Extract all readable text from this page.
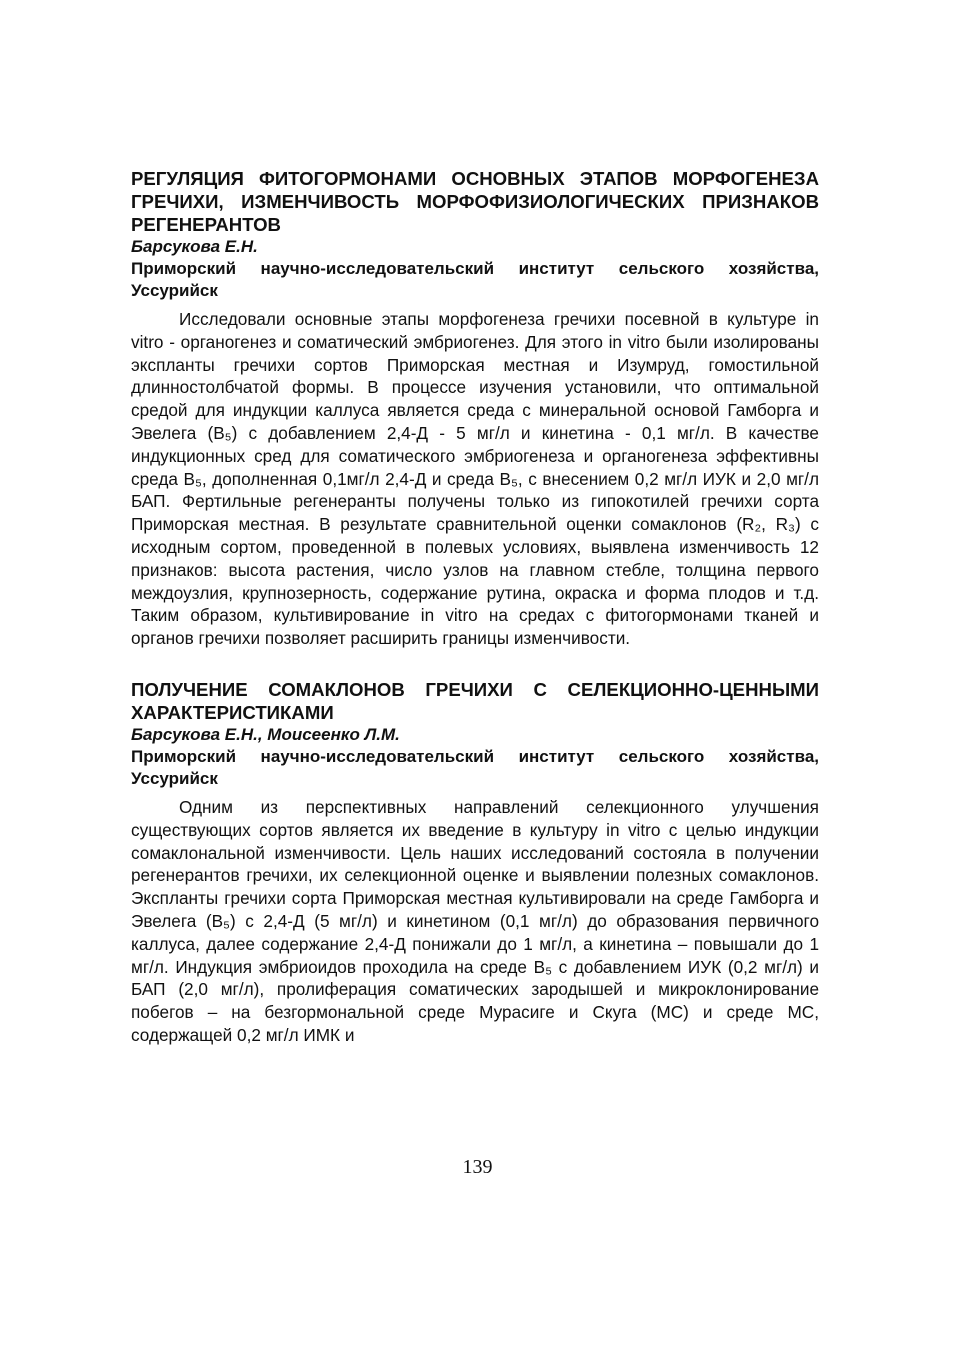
РЕГУЛЯЦИЯ ФИТОГОРМОНАМИ ОСНОВНЫХ ЭТАПОВ МОРФОГЕНЕЗА ГРЕЧИХИ, ИЗМЕНЧИВОСТЬ МОРФОФИЗИОЛОГИЧЕСКИХ ПРИЗНАКОВ РЕГЕНЕРАНТОВ

Барсукова Е.Н.

Приморский научно-исследовательский институт сельского хозяйства, Уссурийск

Исследовали основные этапы морфогенеза гречихи посевной в культуре in vitro - органогенез и соматический эмбриогенез. Для этого in vitro были изолированы экспланты гречихи сортов Приморская местная и Изумруд, гомостильной длинностолбчатой формы. В процессе изучения установили, что оптимальной средой для индукции каллуса является среда с минеральной основой Гамборга и Эвелега (B₅) с добавлением 2,4-Д - 5 мг/л и кинетина - 0,1 мг/л. В качестве индукционных сред для соматического эмбриогенеза и органогенеза эффективны среда B₅, дополненная 0,1мг/л 2,4-Д и среда B₅, с внесением 0,2 мг/л ИУК и 2,0 мг/л БАП. Фертильные регенеранты получены только из гипокотилей гречихи сорта Приморская местная. В результате сравнительной оценки сомаклонов (R₂, R₃) с исходным сортом, проведенной в полевых условиях, выявлена изменчивость 12 признаков: высота растения, число узлов на главном стебле, толщина первого междоузлия, крупнозерность, содержание рутина, окраска и форма плодов и т.д. Таким образом, культивирование in vitro на средах с фитогормонами тканей и органов гречихи позволяет расширить границы изменчивости.

ПОЛУЧЕНИЕ СОМАКЛОНОВ ГРЕЧИХИ С СЕЛЕКЦИОННО-ЦЕННЫМИ ХАРАКТЕРИСТИКАМИ

Барсукова Е.Н., Моисеенко Л.М.

Приморский научно-исследовательский институт сельского хозяйства, Уссурийск

Одним из перспективных направлений селекционного улучшения существующих сортов является их введение в культуру in vitro с целью индукции сомаклональной изменчивости. Цель наших исследований состояла в получении регенерантов гречихи, их селекционной оценке и выявлении полезных сомаклонов. Экспланты гречихи сорта Приморская местная культивировали на среде Гамборга и Эвелега (B₅) с 2,4-Д (5 мг/л) и кинетином (0,1 мг/л) до образования первичного каллуса, далее содержание 2,4-Д понижали до 1 мг/л, а кинетина – повышали до 1 мг/л. Индукция эмбриоидов проходила на среде B₅ с добавлением ИУК (0,2 мг/л) и БАП (2,0 мг/л), пролиферация соматических зародышей и микроклонирование побегов – на безгормональной среде Мурасиге и Скуга (МС) и среде МС, содержащей 0,2 мг/л ИМК и

139
